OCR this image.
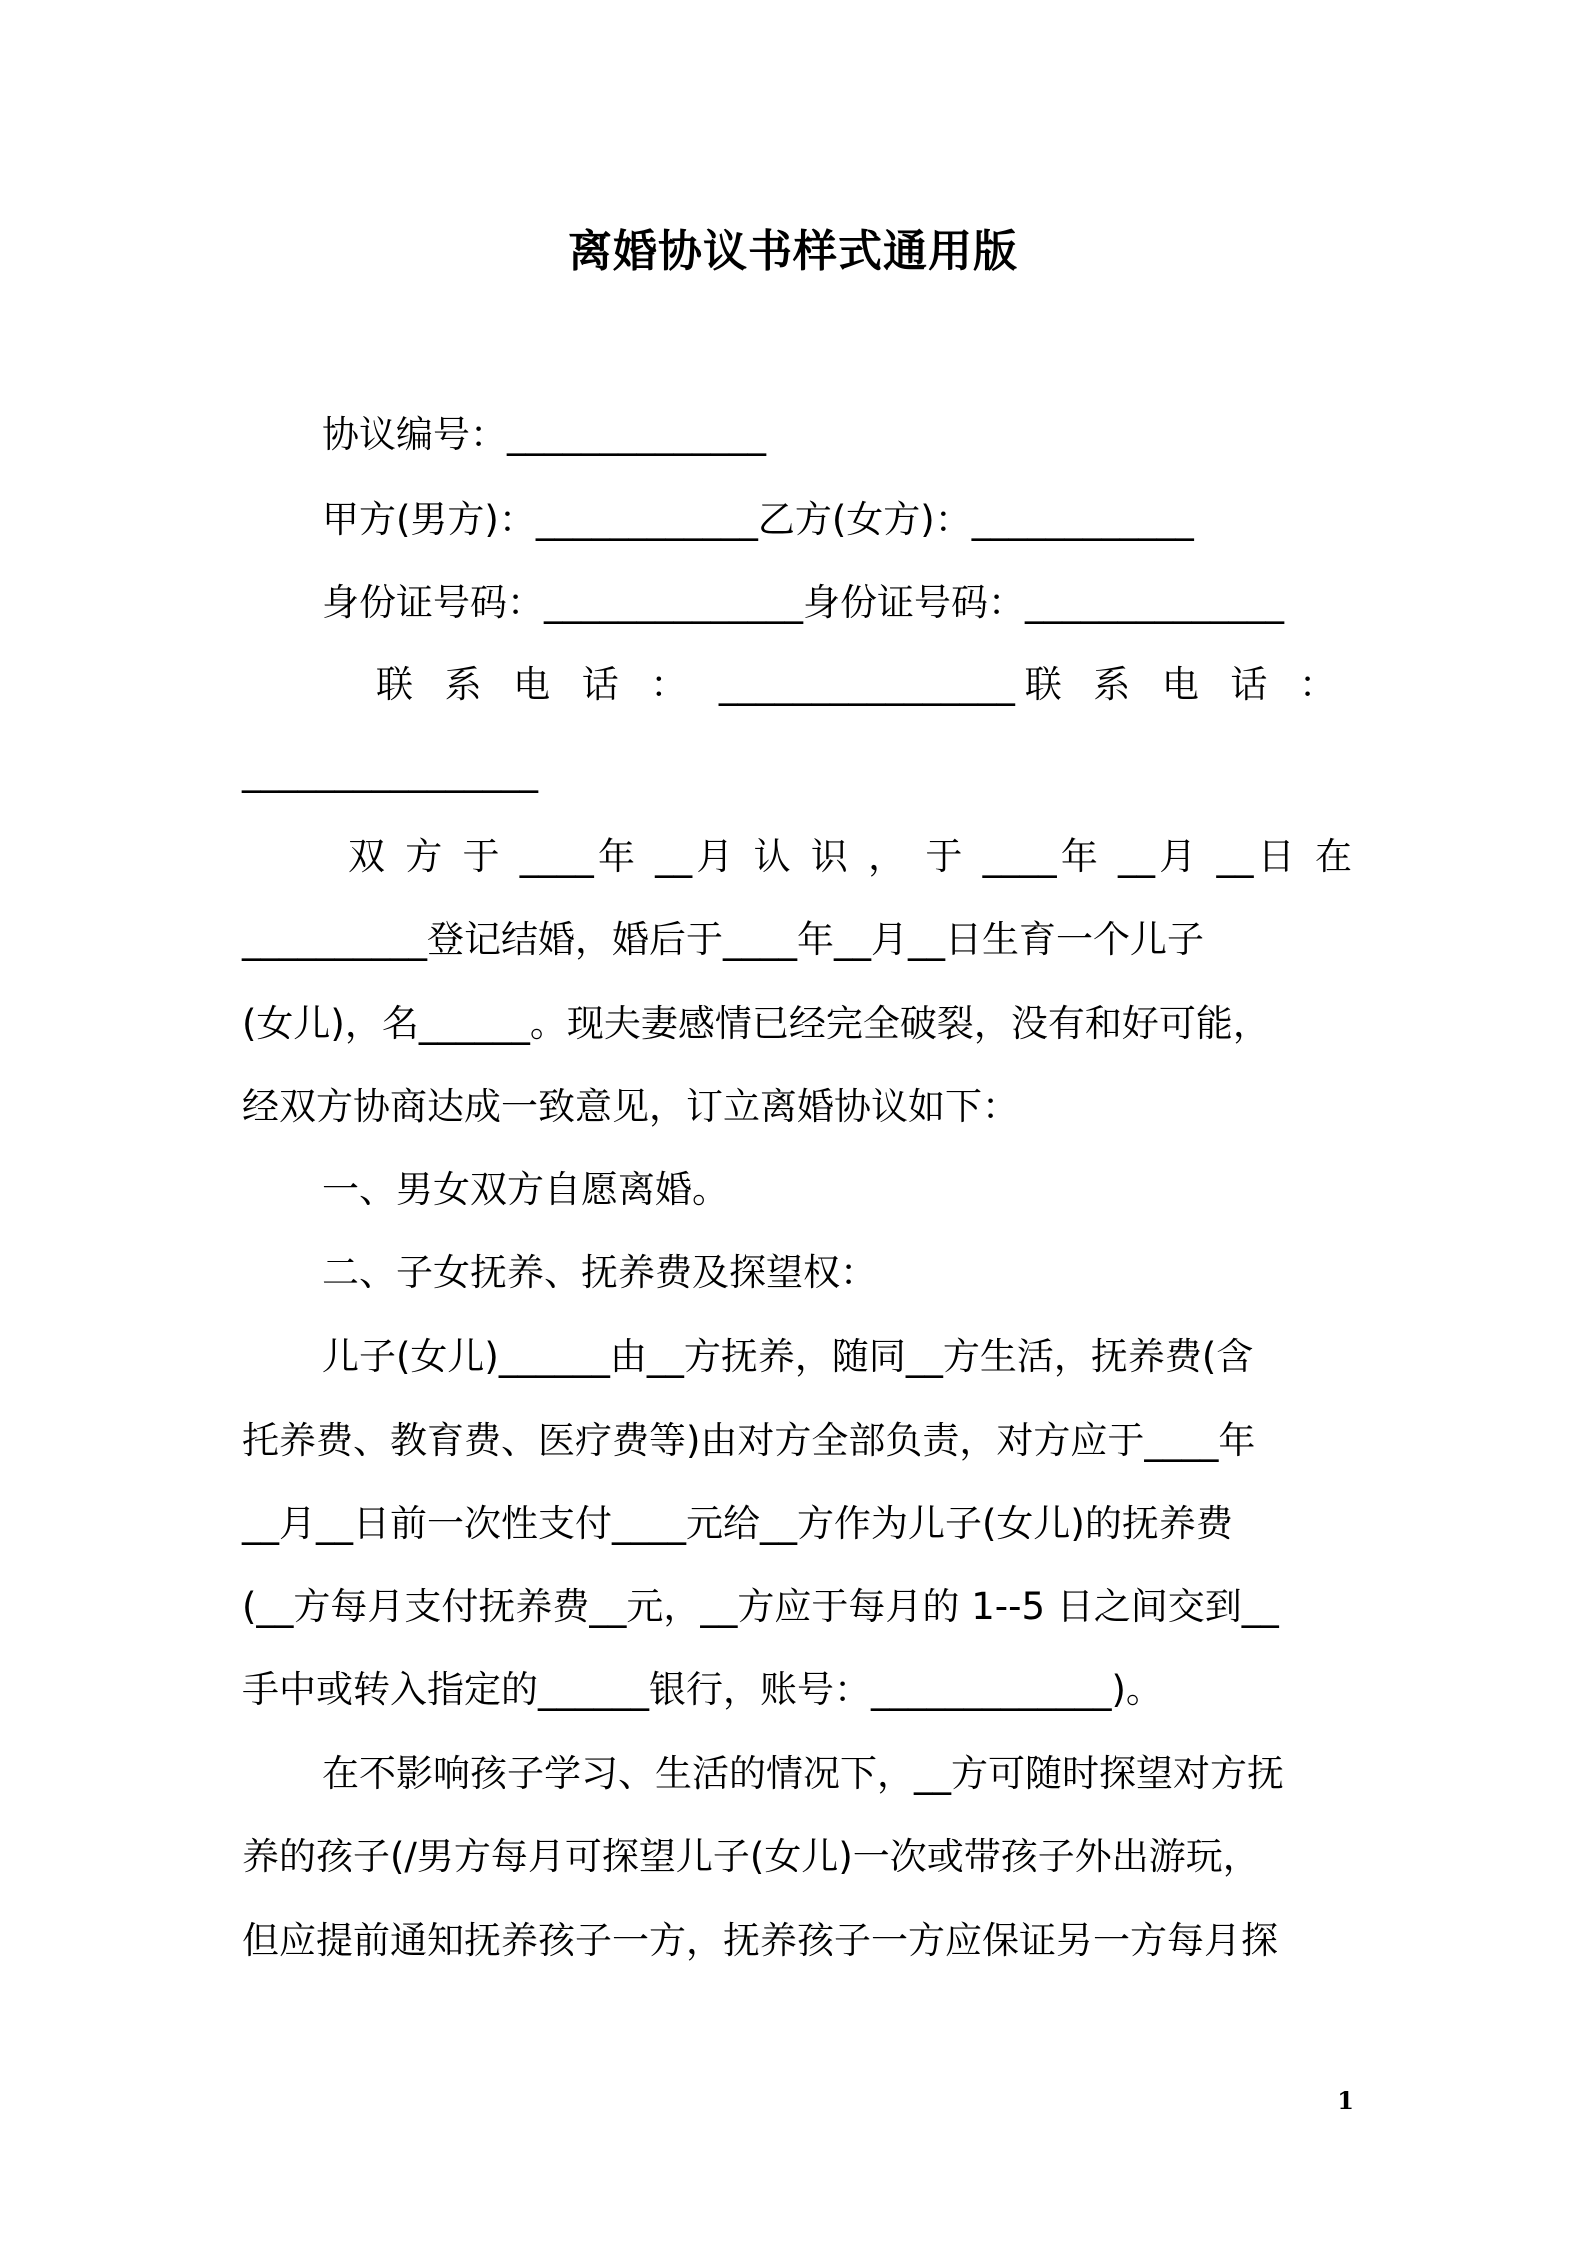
离婚协议书样式通用版
协议编号：______________
甲方(男方)：____________乙方(女方)：____________
身份证号码：______________身份证号码：______________
联 系 电 话 ： ________________联 系 电 话 ：
________________
双 方 于 ____年 __月 认 识 ， 于 ____年 __月 __日 在
__________登记结婚，婚后于____年__月__日生育一个儿子
(女儿)，名______。现夫妻感情已经完全破裂，没有和好可能，
经双方协商达成一致意见，订立离婚协议如下：
一、男女双方自愿离婚。
二、子女抚养、抚养费及探望权：
儿子(女儿)______由__方抚养，随同__方生活，抚养费(含
托养费、教育费、医疗费等)由对方全部负责，对方应于____年
__月__日前一次性支付____元给__方作为儿子(女儿)的抚养费
(__方每月支付抚养费__元，__方应于每月的 1--5 日之间交到__
手中或转入指定的______银行，账号：_____________)。
在不影响孩子学习、生活的情况下，__方可随时探望对方抚
养的孩子(/男方每月可探望儿子(女儿)一次或带孩子外出游玩，
但应提前通知抚养孩子一方，抚养孩子一方应保证另一方每月探
1
